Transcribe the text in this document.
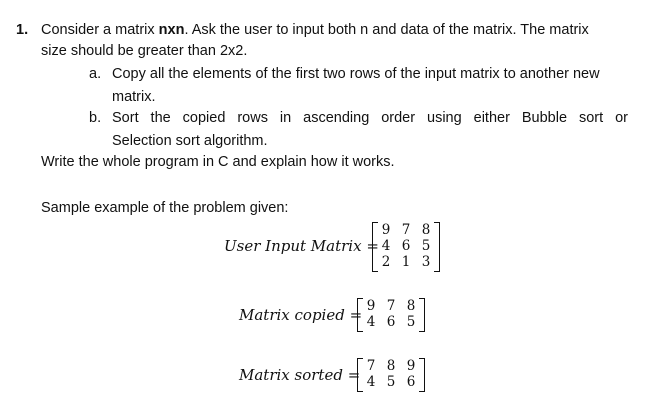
1. Consider a matrix nxn. Ask the user to input both n and data of the matrix. The matrix
size should be greater than 2x2.
a. Copy all the elements of the first two rows of the input matrix to another new
matrix.
b. Sort the copied rows in ascending order using either Bubble sort or
Selection sort algorithm.
Write the whole program in C and explain how it works.
Sample example of the problem given:
User Input Matrix =
9 7 8
4 6 5
2 1 3
Matrix copied = 9 7 8
4 6 5
Matrix sorted = 7 8 9
4 5 6
